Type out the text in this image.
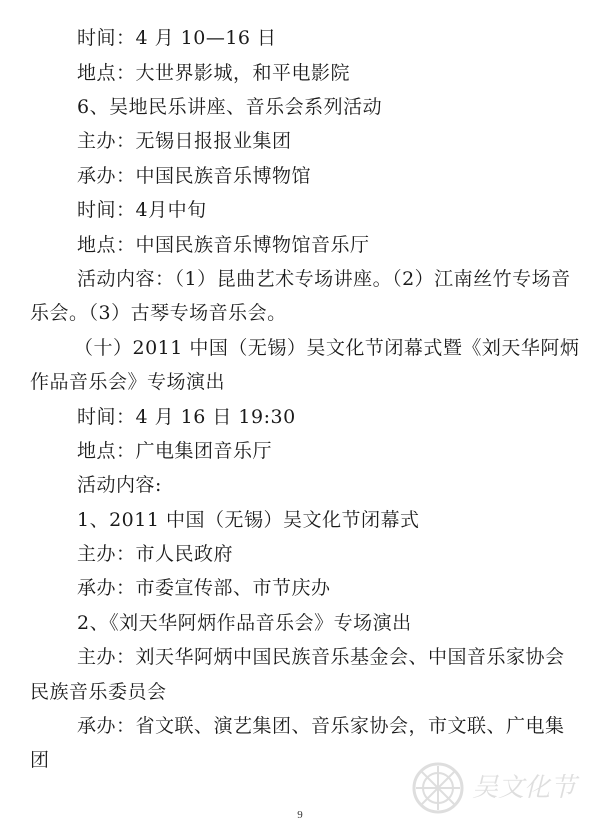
时间：4 月 10—16 日
地点：大世界影城，和平电影院
6、吴地民乐讲座、音乐会系列活动
主办：无锡日报报业集团
承办：中国民族音乐博物馆
时间：4月中旬
地点：中国民族音乐博物馆音乐厅
活动内容：（1）昆曲艺术专场讲座。（2）江南丝竹专场音
乐会。（3）古琴专场音乐会。
（十）2011 中国（无锡）吴文化节闭幕式暨《刘天华阿炳
作品音乐会》专场演出
时间：4 月 16 日 19:30
地点：广电集团音乐厅
活动内容:
1、2011 中国（无锡）吴文化节闭幕式
主办：市人民政府
承办：市委宣传部、市节庆办
2、《刘天华阿炳作品音乐会》专场演出
主办：刘天华阿炳中国民族音乐基金会、中国音乐家协会
民族音乐委员会
承办：省文联、演艺集团、音乐家协会，市文联、广电集
团
吴文化节
9
